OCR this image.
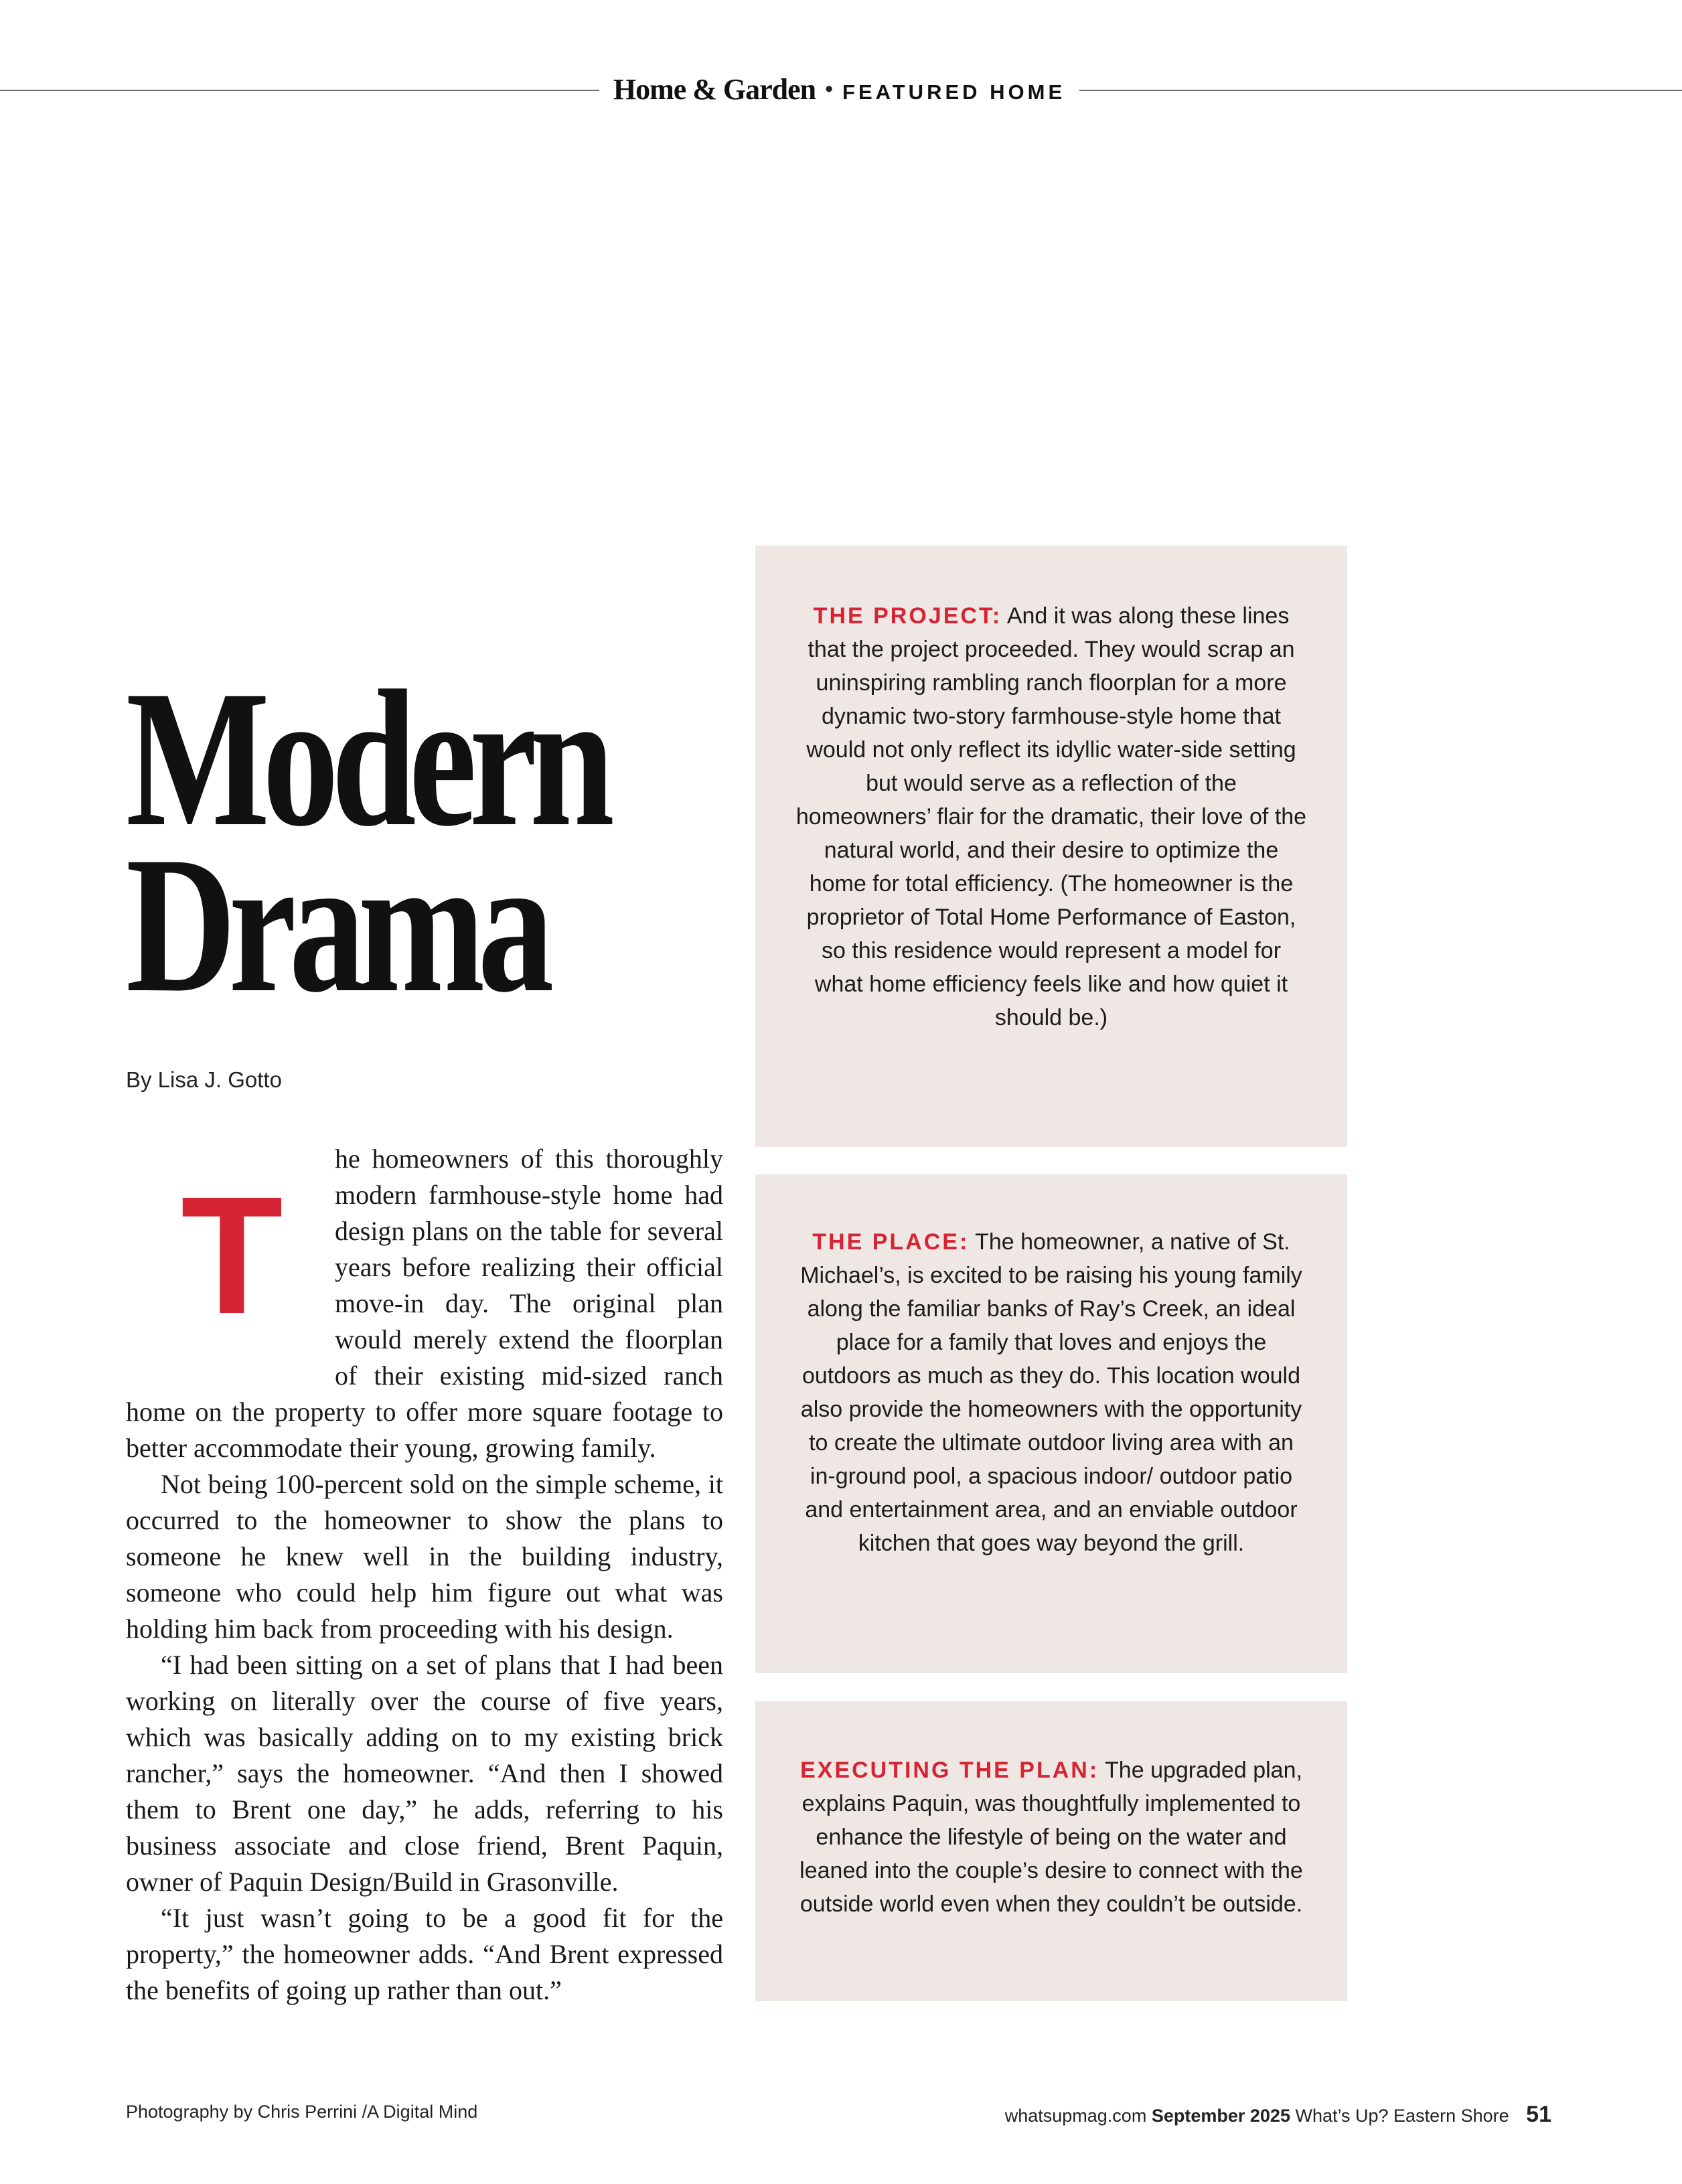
Home & Garden • FEATURED HOME
Modern
Drama
By Lisa J. Gotto

T
he homeowners of this thoroughly modern farmhouse-style home had design plans on the table for several years before realizing their official move-in day. The original plan would merely extend the floorplan of their existing mid-sized ranch home on the property to offer more square footage to better accommodate their young, growing family.

Not being 100-percent sold on the simple scheme, it occurred to the homeowner to show the plans to someone he knew well in the building industry, someone who could help him figure out what was holding him back from proceeding with his design.

“I had been sitting on a set of plans that I had been working on literally over the course of five years, which was basically adding on to my existing brick rancher,” says the homeowner. “And then I showed them to Brent one day,” he adds, referring to his business associate and close friend, Brent Paquin, owner of Paquin Design/Build in Grasonville.

“It just wasn’t going to be a good fit for the property,” the homeowner adds. “And Brent expressed the benefits of going up rather than out.”

THE PROJECT: And it was along these lines that the project proceeded. They would scrap an uninspiring rambling ranch floorplan for a more dynamic two-story farmhouse-style home that would not only reflect its idyllic water-side setting but would serve as a reflection of the homeowners’ flair for the dramatic, their love of the natural world, and their desire to optimize the home for total efficiency. (The homeowner is the proprietor of Total Home Performance of Easton, so this residence would represent a model for what home efficiency feels like and how quiet it should be.)
THE PLACE: The homeowner, a native of St. Michael’s, is excited to be raising his young family along the familiar banks of Ray’s Creek, an ideal place for a family that loves and enjoys the outdoors as much as they do. This location would also provide the homeowners with the opportunity to create the ultimate outdoor living area with an in-ground pool, a spacious indoor/ outdoor patio and entertainment area, and an enviable outdoor kitchen that goes way beyond the grill.
EXECUTING THE PLAN: The upgraded plan, explains Paquin, was thoughtfully implemented to enhance the lifestyle of being on the water and leaned into the couple’s desire to connect with the outside world even when they couldn’t be outside.
Photography by Chris Perrini /A Digital Mind	whatsupmag.com September 2025 What’s Up? Eastern Shore 51
